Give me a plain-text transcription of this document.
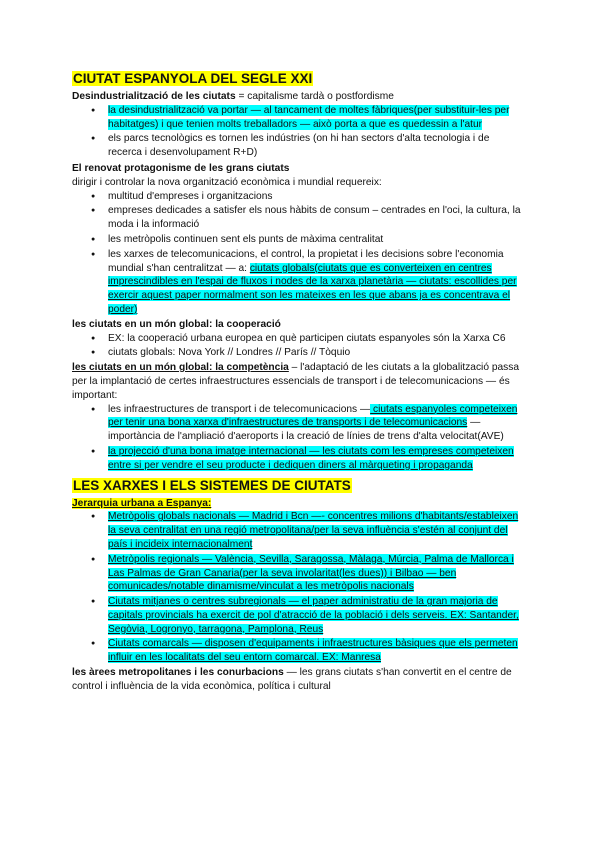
CIUTAT ESPANYOLA DEL SEGLE XXI

Desindustrialització de les ciutats = capitalisme tardà o postfordisme

● la desindustrialització va portar — al tancament de moltes fàbriques(per substituir-les per habitatges) i que tenien molts treballadors — això porta a que es quedessin a l'atur
● els parcs tecnològics es tornen les indústries (on hi han sectors d'alta tecnologia i de recerca i desenvolupament R+D)

El renovat protagonisme de les grans ciutats

dirigir i controlar la nova organització econòmica i mundial requereix:

● multitud d'empreses i organitzacions
● empreses dedicades a satisfer els nous hàbits de consum – centrades en l'oci, la cultura, la moda i la informació
● les metròpolis continuen sent els punts de màxima centralitat
● les xarxes de telecomunicacions, el control, la propietat i les decisions sobre l'economia mundial s'han centralitzat — a: ciutats globals(ciutats que es converteixen en centres imprescindibles en l'espai de fluxos i nodes de la xarxa planetària — ciutats: escollides per exercir aquest paper normalment son les mateixes en les que abans ja es concentrava el poder)

les ciutats en un món global: la cooperació

● EX: la cooperació urbana europea en què participen ciutats espanyoles són la Xarxa C6
● ciutats globals: Nova York // Londres // París // Tòquio

les ciutats en un món global: la competència – l'adaptació de les ciutats a la globalització passa per la implantació de certes infraestructures essencials de transport i de telecomunicacions — és important:

● les infraestructures de transport i de telecomunicacions — ciutats espanyoles competeixen per tenir una bona xarxa d'infraestructures de transports i de telecomunicacions — importància de l'ampliació d'aeroports i la creació de línies de trens d'alta velocitat(AVE)
● la projecció d'una bona imatge internacional — les ciutats com les empreses competeixen entre si per vendre el seu producte i dediquen diners al màrqueting i propaganda
LES XARXES I ELS SISTEMES DE CIUTATS

Jerarquia urbana a Espanya:

● Metròpolis globals nacionals — Madrid i Bcn —- concentres milions d'habitants/estableixen la seva centralitat en una regió metropolitana/per la seva influència s'estén al conjunt del país i incideix internacionalment
● Metròpolis regionals — València, Sevilla, Saragossa, Màlaga, Múrcia, Palma de Mallorca i Las Palmas de Gran Canaria(per la seva involaritat(les dues)) i Bilbao — ben comunicades/notable dinamisme/vinculat a les metròpolis nacionals
● Ciutats mitjanes o centres subregionals — el paper administratiu de la gran majoria de capitals provincials ha exercit de pol d'atracció de la població i dels serveis. EX: Santander, Segòvia, Logronyo, tarragona, Pamplona, Reus
● Ciutats comarcals — disposen d'equipaments i infraestructures bàsiques que els permeten influir en les localitats del seu entorn comarcal. EX: Manresa

les àrees metropolitanes i les conurbacions — les grans ciutats s'han convertit en el centre de control i influència de la vida econòmica, política i cultural
